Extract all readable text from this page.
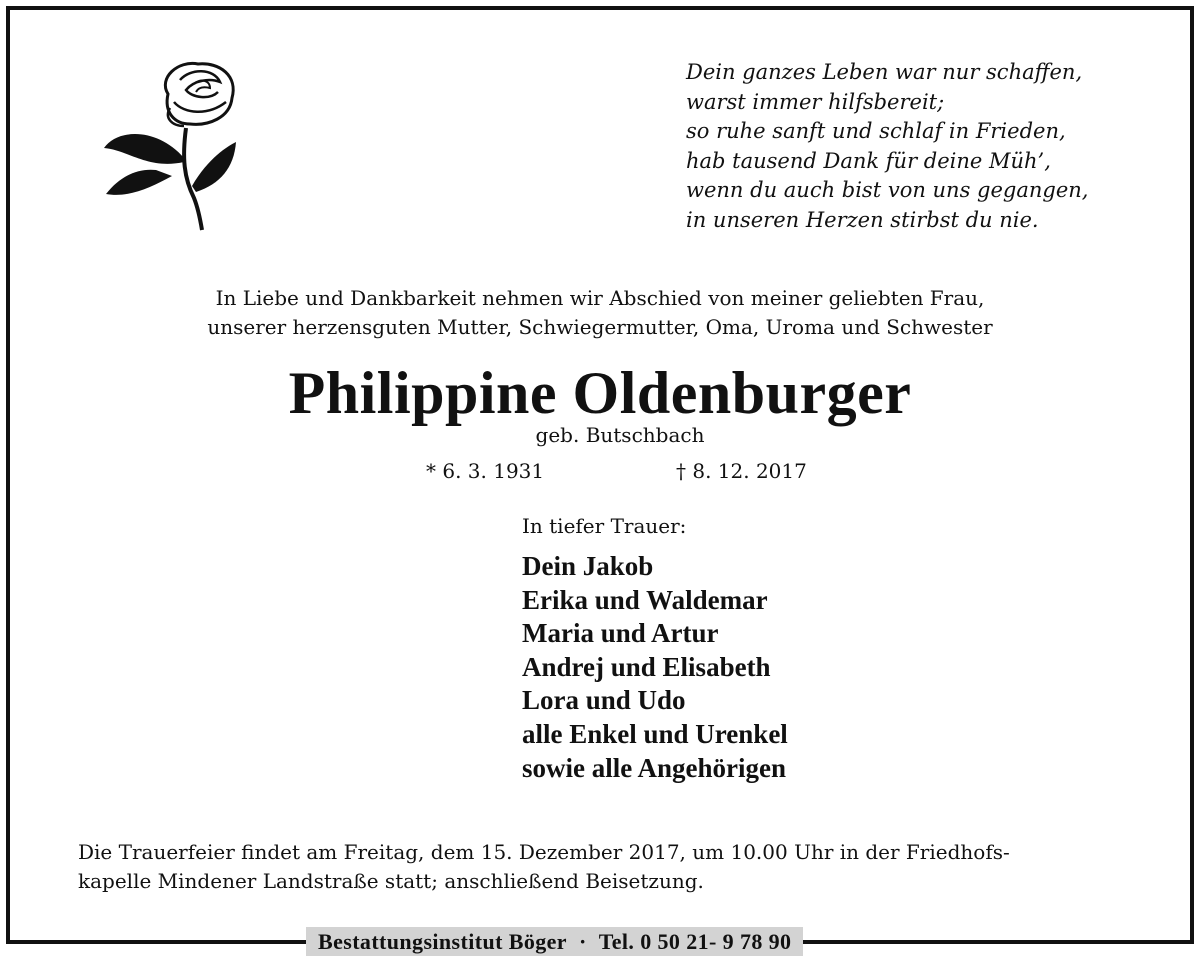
Dein ganzes Leben war nur schaffen,
warst immer hilfsbereit;
so ruhe sanft und schlaf in Frieden,
hab tausend Dank für deine Müh’,
wenn du auch bist von uns gegangen,
in unseren Herzen stirbst du nie.
In Liebe und Dankbarkeit nehmen wir Abschied von meiner geliebten Frau,
unserer herzensguten Mutter, Schwiegermutter, Oma, Uroma und Schwester
Philippine Oldenburger
geb. Butschbach
* 6. 3. 1931	† 8. 12. 2017
In tiefer Trauer:
Dein Jakob
Erika und Waldemar
Maria und Artur
Andrej und Elisabeth
Lora und Udo
alle Enkel und Urenkel
sowie alle Angehörigen
Die Trauerfeier findet am Freitag, dem 15. Dezember 2017, um 10.00 Uhr in der Friedhofs-
kapelle Mindener Landstraße statt; anschließend Beisetzung.
Bestattungsinstitut Böger · Tel. 0 50 21- 9 78 90
